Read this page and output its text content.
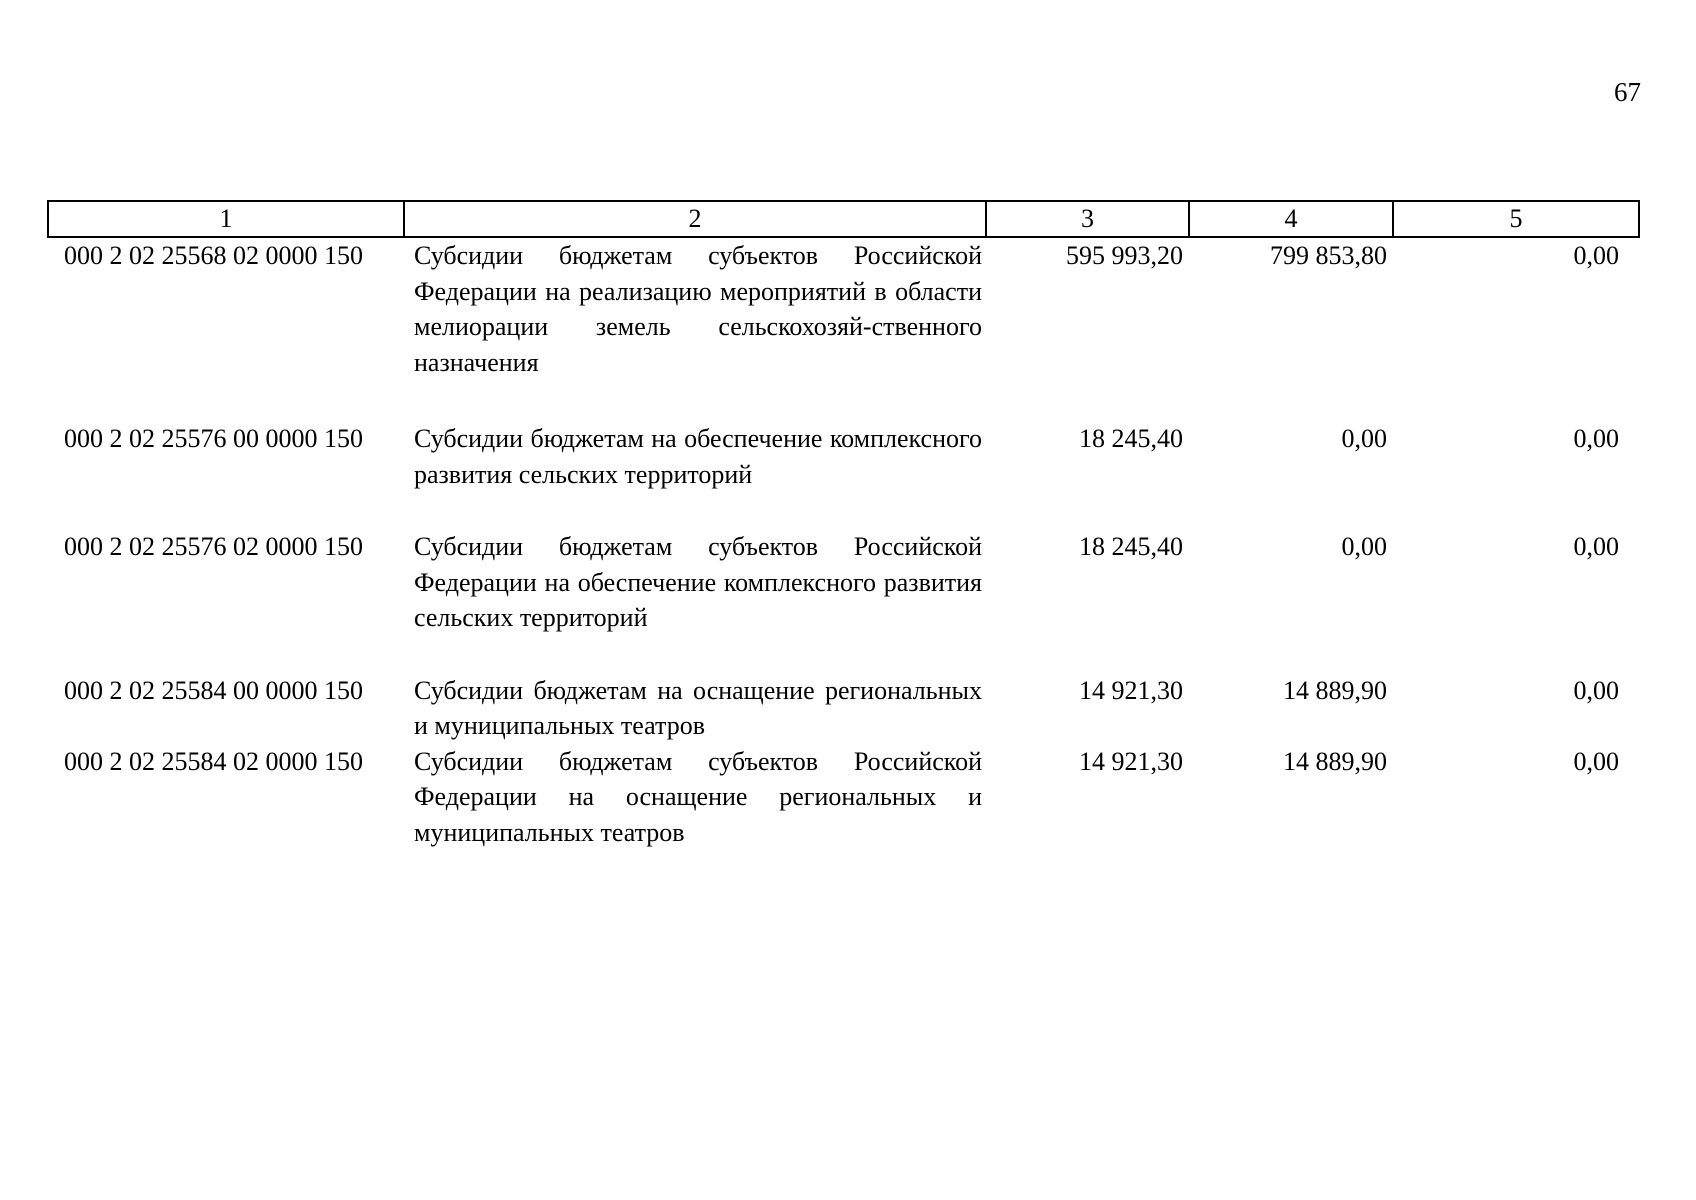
67
1	2	3	4	5
000 2 02 25568 02 0000 150	Субсидии бюджетам субъектов Российской Федерации на реализацию мероприятий в области мелиорации земель сельскохозяй-ственного назначения	595 993,20	799 853,80	0,00
000 2 02 25576 00 0000 150	Субсидии бюджетам на обеспечение комплексного развития сельских территорий	18 245,40	0,00	0,00
000 2 02 25576 02 0000 150	Субсидии бюджетам субъектов Российской Федерации на обеспечение комплексного развития сельских территорий	18 245,40	0,00	0,00
000 2 02 25584 00 0000 150	Субсидии бюджетам на оснащение региональных и муниципальных театров	14 921,30	14 889,90	0,00
000 2 02 25584 02 0000 150	Субсидии бюджетам субъектов Российской Федерации на оснащение региональных и муниципальных театров	14 921,30	14 889,90	0,00
